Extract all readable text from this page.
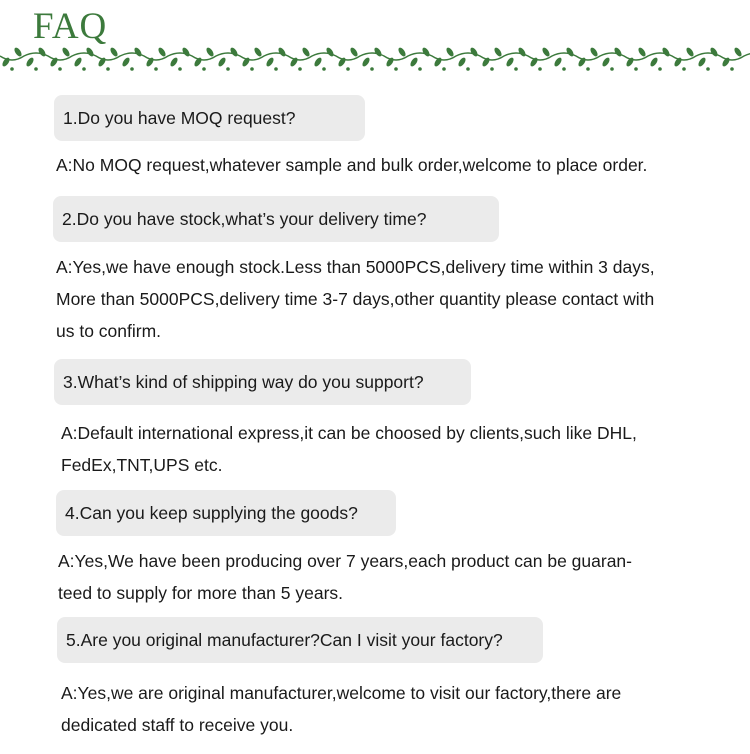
FAQ
1.Do you have MOQ request?

A:No MOQ request,whatever sample and bulk order,welcome to place order.

2.Do you have stock,what’s your delivery time?

A:Yes,we have enough stock.Less than 5000PCS,delivery time within 3 days,
More than 5000PCS,delivery time 3-7 days,other quantity please contact with
us to confirm.

3.What’s kind of shipping way do you support?

A:Default international express,it can be choosed by clients,such like DHL,
FedEx,TNT,UPS etc.

4.Can you keep supplying the goods?

A:Yes,We have been producing over 7 years,each product can be guaran-
teed to supply for more than 5 years.

5.Are you original manufacturer?Can I visit your factory?

A:Yes,we are original manufacturer,welcome to visit our factory,there are
dedicated staff to receive you.
